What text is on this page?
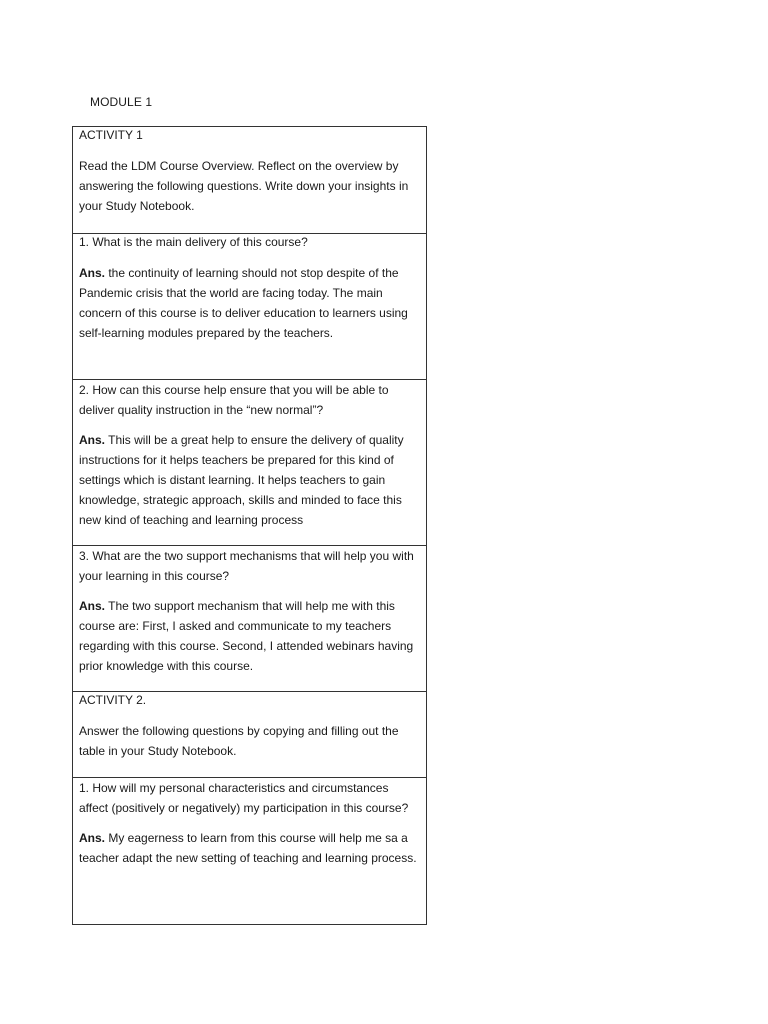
MODULE 1

ACTIVITY 1

Read the LDM Course Overview. Reflect on the overview by answering the following questions. Write down your insights in your Study Notebook.

1. What is the main delivery of this course?

Ans. the continuity of learning should not stop despite of the Pandemic crisis that the world are facing today. The main concern of this course is to deliver education to learners using self-learning modules prepared by the teachers.

2. How can this course help ensure that you will be able to deliver quality instruction in the “new normal”?

Ans. This will be a great help to ensure the delivery of quality instructions for it helps teachers be prepared for this kind of settings which is distant learning. It helps teachers to gain knowledge, strategic approach, skills and minded to face this new kind of teaching and learning process

3. What are the two support mechanisms that will help you with your learning in this course?

Ans. The two support mechanism that will help me with this course are: First, I asked and communicate to my teachers regarding with this course. Second, I attended webinars having prior knowledge with this course.

ACTIVITY 2.

Answer the following questions by copying and filling out the table in your Study Notebook.

1. How will my personal characteristics and circumstances affect (positively or negatively) my participation in this course?

Ans. My eagerness to learn from this course will help me sa a teacher adapt the new setting of teaching and learning process.
